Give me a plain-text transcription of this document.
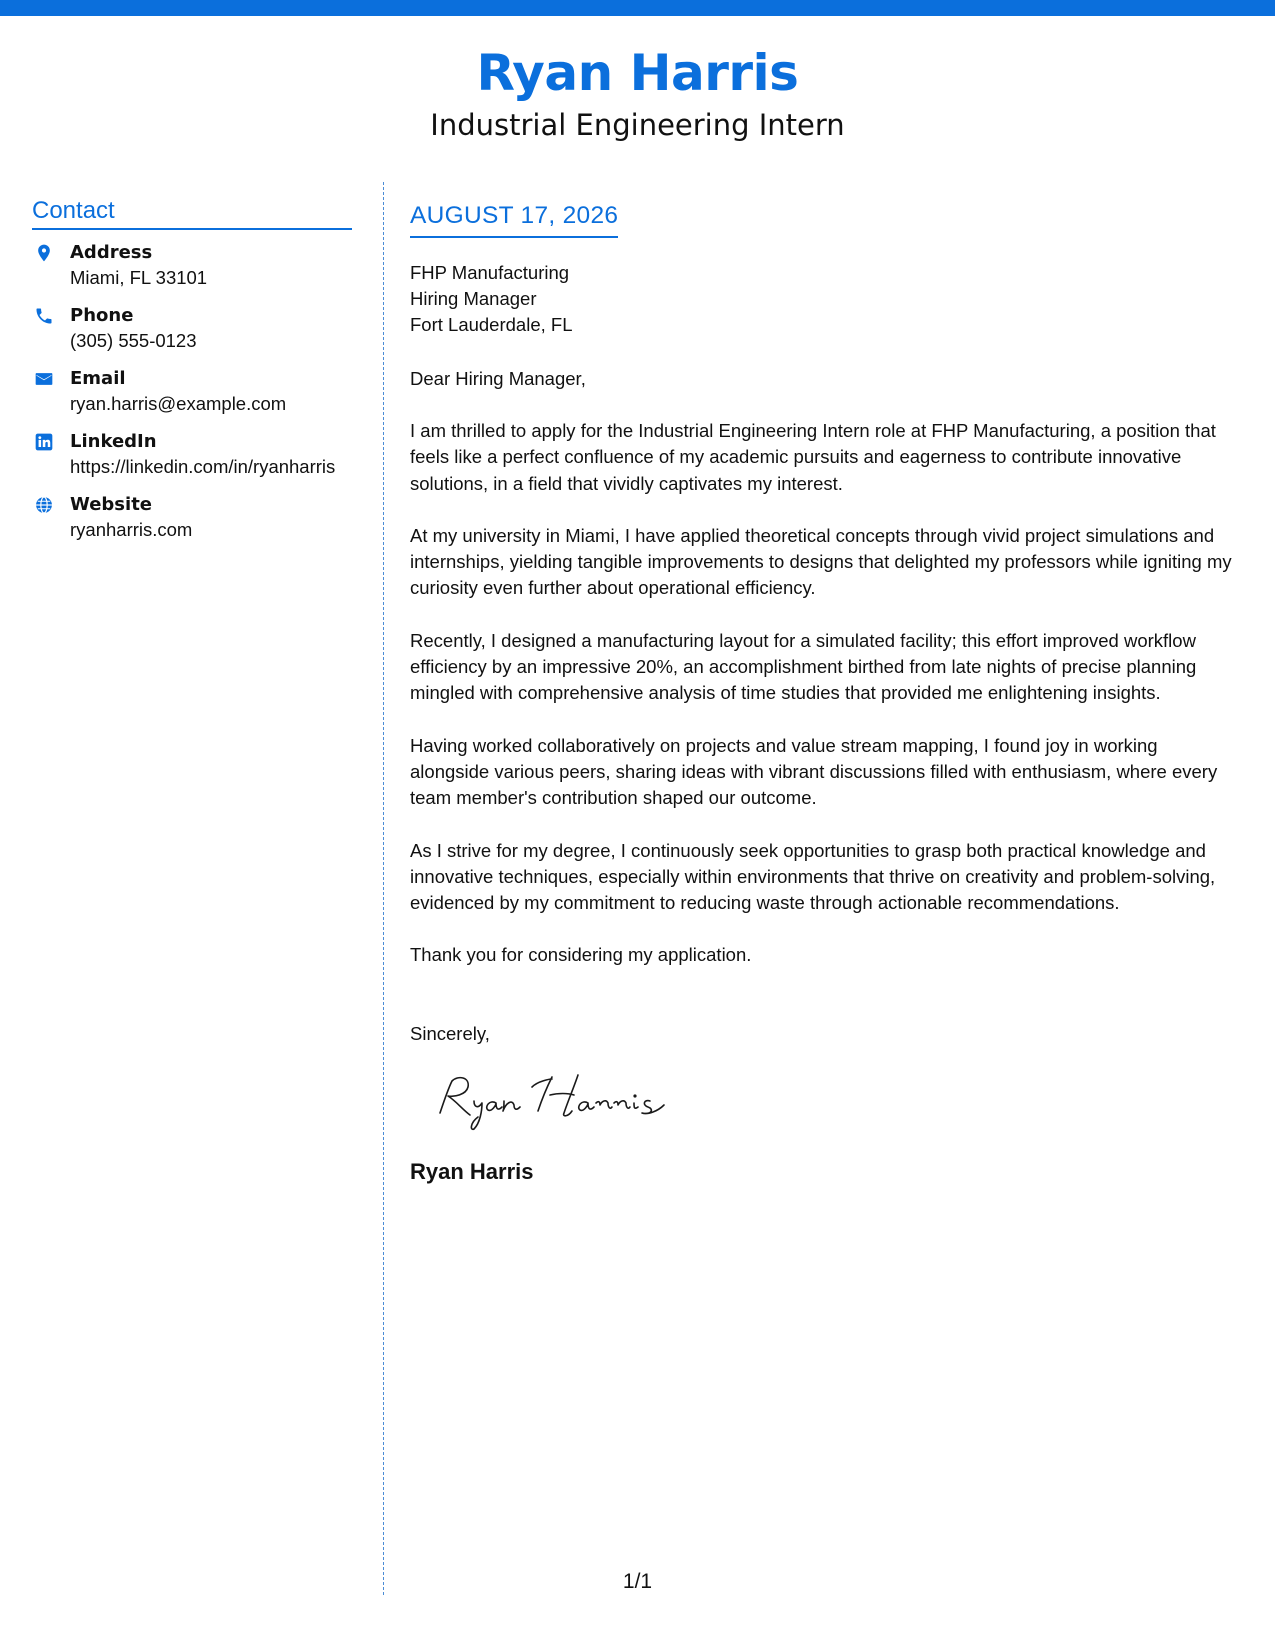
Ryan Harris
Industrial Engineering Intern
Contact
Address
Miami, FL 33101
Phone
(305) 555-0123
Email
ryan.harris@example.com
LinkedIn
https://linkedin.com/in/ryanharris
Website
ryanharris.com
AUGUST 17, 2026
FHP Manufacturing
Hiring Manager
Fort Lauderdale, FL
Dear Hiring Manager,
I am thrilled to apply for the Industrial Engineering Intern role at FHP Manufacturing, a position that feels like a perfect confluence of my academic pursuits and eagerness to contribute innovative solutions, in a field that vividly captivates my interest.
At my university in Miami, I have applied theoretical concepts through vivid project simulations and internships, yielding tangible improvements to designs that delighted my professors while igniting my curiosity even further about operational efficiency.
Recently, I designed a manufacturing layout for a simulated facility; this effort improved workflow efficiency by an impressive 20%, an accomplishment birthed from late nights of precise planning mingled with comprehensive analysis of time studies that provided me enlightening insights.
Having worked collaboratively on projects and value stream mapping, I found joy in working alongside various peers, sharing ideas with vibrant discussions filled with enthusiasm, where every team member's contribution shaped our outcome.
As I strive for my degree, I continuously seek opportunities to grasp both practical knowledge and innovative techniques, especially within environments that thrive on creativity and problem-solving, evidenced by my commitment to reducing waste through actionable recommendations.
Thank you for considering my application.
Sincerely,
Ryan Harris
1/1
